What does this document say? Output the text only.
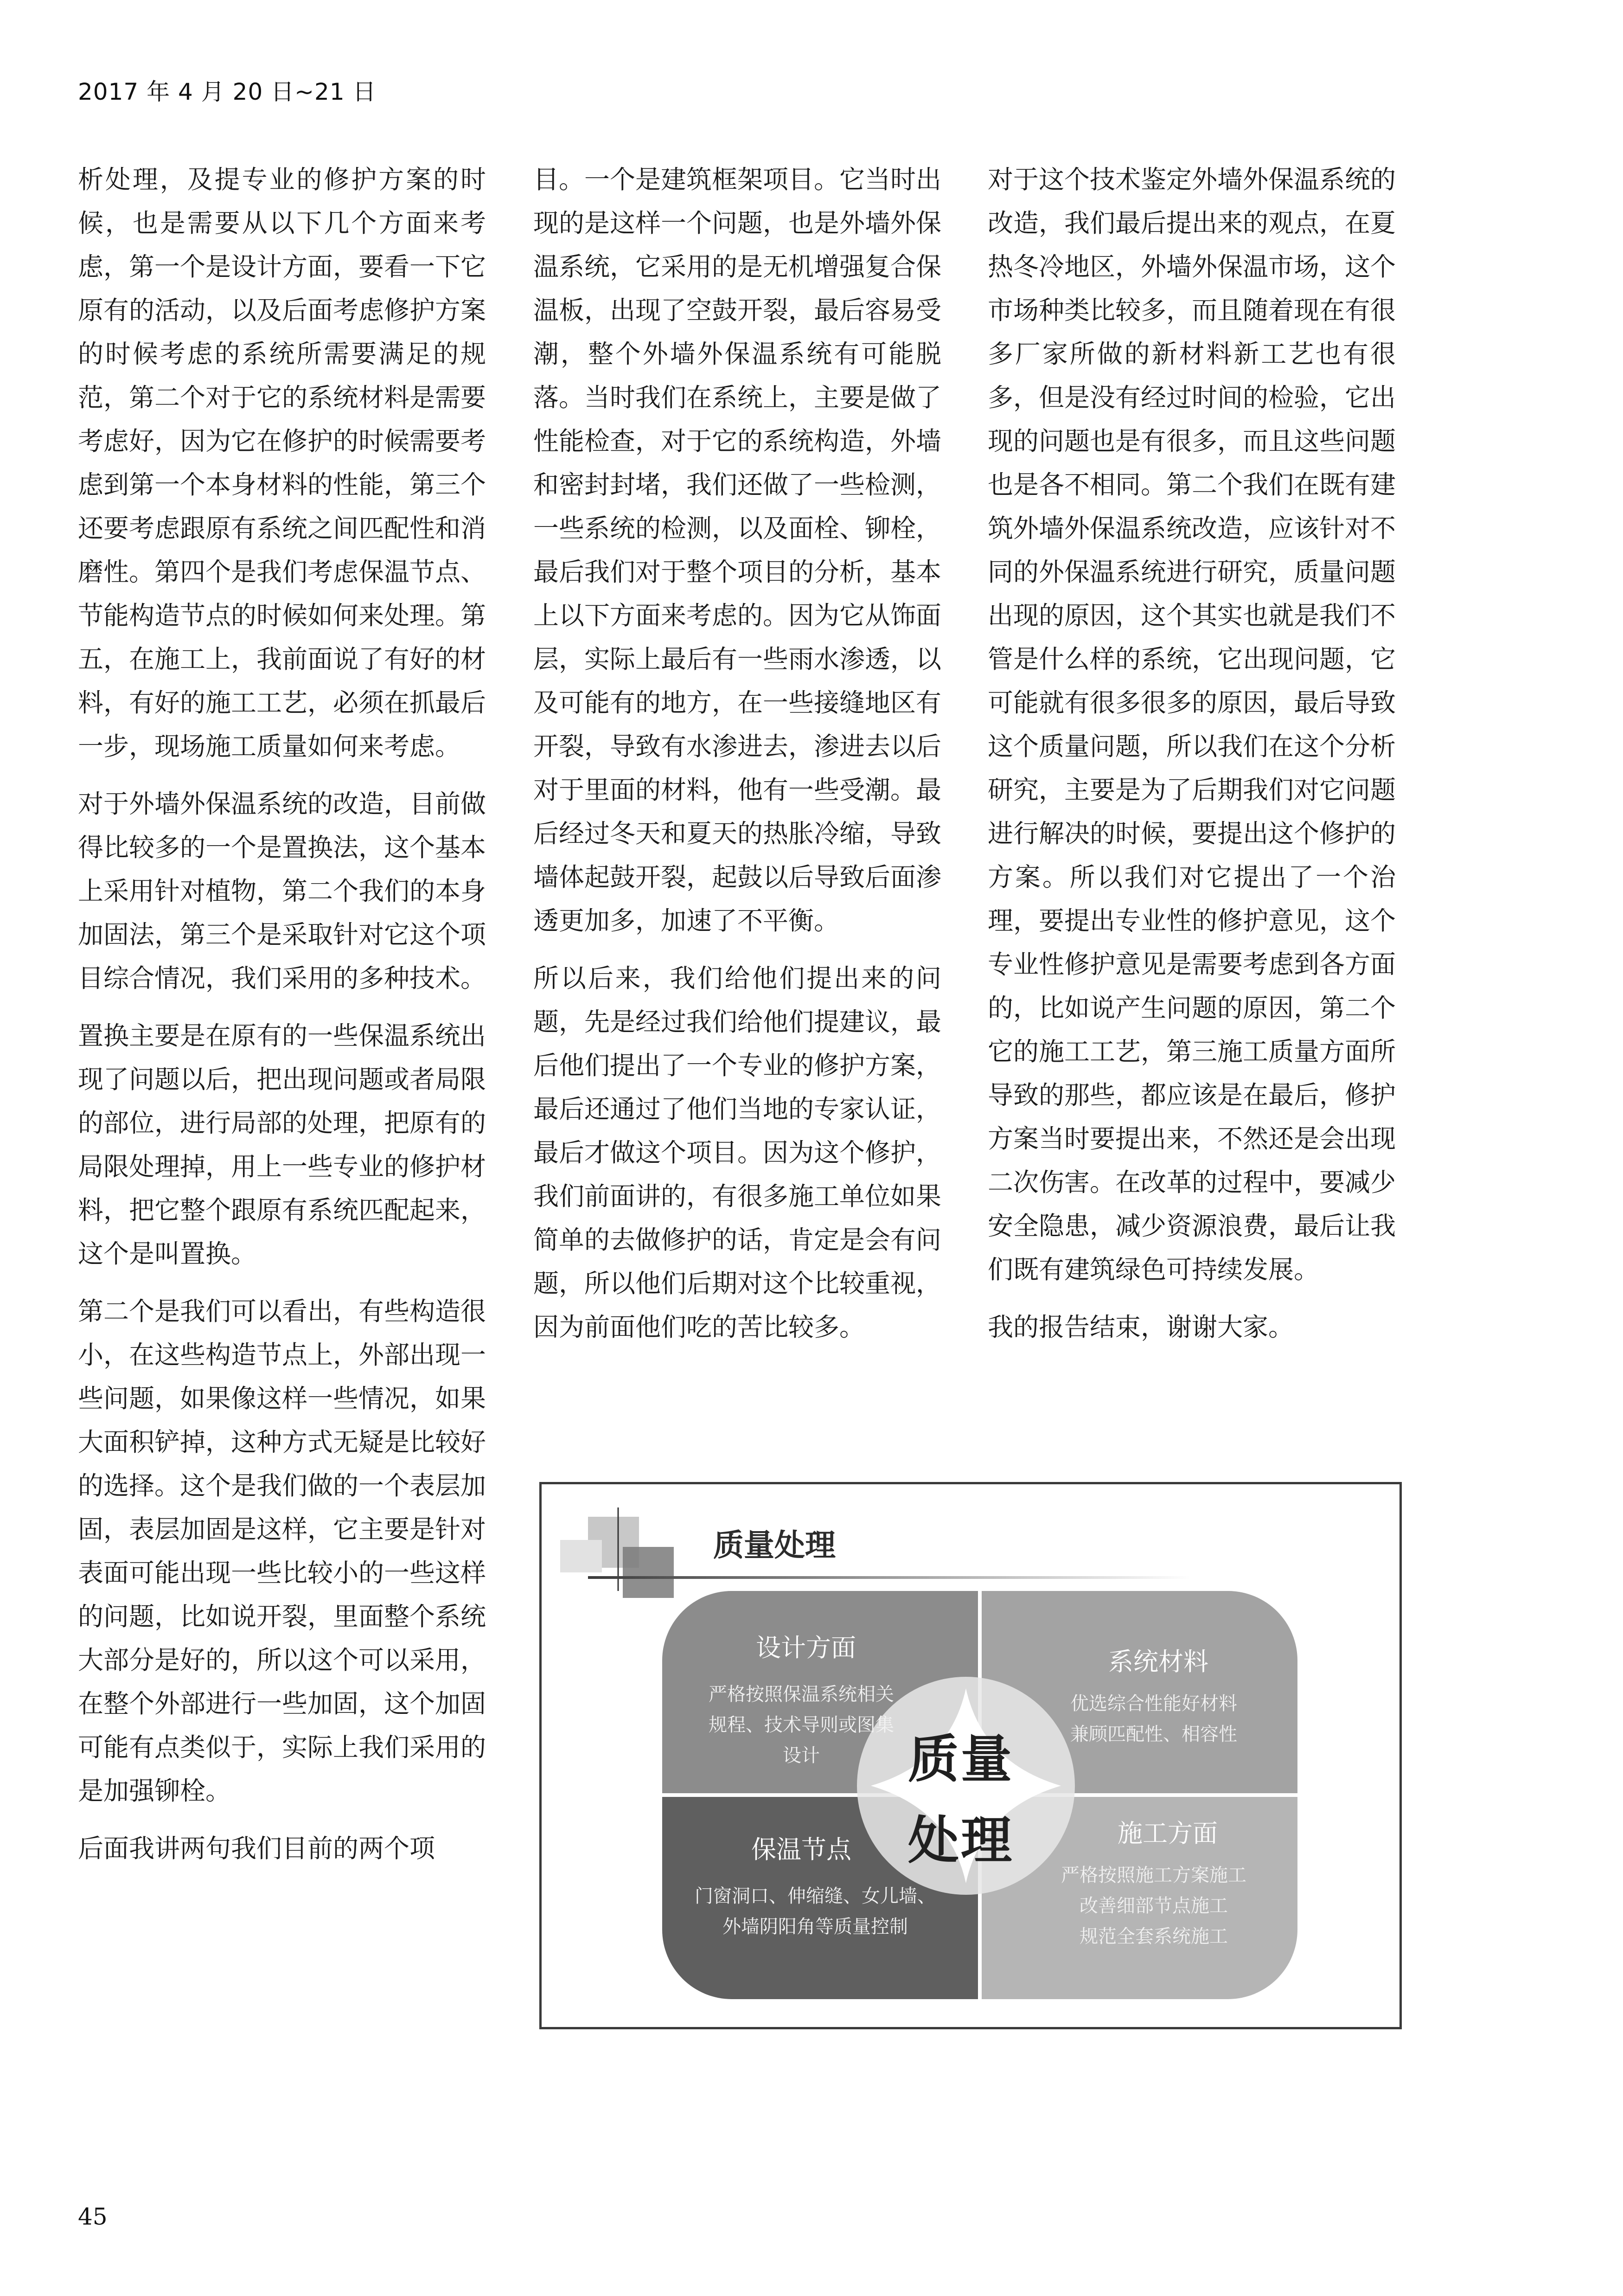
2017 年 4 月 20 日~21 日

析处理，及提专业的修护方案的时候，也是需要从以下几个方面来考虑，第一个是设计方面，要看一下它原有的活动，以及后面考虑修护方案的时候考虑的系统所需要满足的规范，第二个对于它的系统材料是需要考虑好，因为它在修护的时候需要考虑到第一个本身材料的性能，第三个还要考虑跟原有系统之间匹配性和消磨性。第四个是我们考虑保温节点、节能构造节点的时候如何来处理。第五，在施工上，我前面说了有好的材料，有好的施工工艺，必须在抓最后一步，现场施工质量如何来考虑。

对于外墙外保温系统的改造，目前做得比较多的一个是置换法，这个基本上采用针对植物，第二个我们的本身加固法，第三个是采取针对它这个项目综合情况，我们采用的多种技术。

置换主要是在原有的一些保温系统出现了问题以后，把出现问题或者局限的部位，进行局部的处理，把原有的局限处理掉，用上一些专业的修护材料，把它整个跟原有系统匹配起来，这个是叫置换。

第二个是我们可以看出，有些构造很小，在这些构造节点上，外部出现一些问题，如果像这样一些情况，如果大面积铲掉，这种方式无疑是比较好的选择。这个是我们做的一个表层加固，表层加固是这样，它主要是针对表面可能出现一些比较小的一些这样的问题，比如说开裂，里面整个系统大部分是好的，所以这个可以采用，在整个外部进行一些加固，这个加固可能有点类似于，实际上我们采用的是加强铆栓。

后面我讲两句我们目前的两个项

目。一个是建筑框架项目。它当时出现的是这样一个问题，也是外墙外保温系统，它采用的是无机增强复合保温板，出现了空鼓开裂，最后容易受潮，整个外墙外保温系统有可能脱落。当时我们在系统上，主要是做了性能检查，对于它的系统构造，外墙和密封封堵，我们还做了一些检测，一些系统的检测，以及面栓、铆栓，最后我们对于整个项目的分析，基本上以下方面来考虑的。因为它从饰面层，实际上最后有一些雨水渗透，以及可能有的地方，在一些接缝地区有开裂，导致有水渗进去，渗进去以后对于里面的材料，他有一些受潮。最后经过冬天和夏天的热胀冷缩，导致墙体起鼓开裂，起鼓以后导致后面渗透更加多，加速了不平衡。

所以后来，我们给他们提出来的问题，先是经过我们给他们提建议，最后他们提出了一个专业的修护方案，最后还通过了他们当地的专家认证，最后才做这个项目。因为这个修护，我们前面讲的，有很多施工单位如果简单的去做修护的话，肯定是会有问题，所以他们后期对这个比较重视，因为前面他们吃的苦比较多。

对于这个技术鉴定外墙外保温系统的改造，我们最后提出来的观点，在夏热冬冷地区，外墙外保温市场，这个市场种类比较多，而且随着现在有很多厂家所做的新材料新工艺也有很多，但是没有经过时间的检验，它出现的问题也是有很多，而且这些问题也是各不相同。第二个我们在既有建筑外墙外保温系统改造，应该针对不同的外保温系统进行研究，质量问题出现的原因，这个其实也就是我们不管是什么样的系统，它出现问题，它可能就有很多很多的原因，最后导致这个质量问题，所以我们在这个分析研究，主要是为了后期我们对它问题进行解决的时候，要提出这个修护的方案。所以我们对它提出了一个治理，要提出专业性的修护意见，这个专业性修护意见是需要考虑到各方面的，比如说产生问题的原因，第二个它的施工工艺，第三施工质量方面所导致的那些，都应该是在最后，修护方案当时要提出来，不然还是会出现二次伤害。在改革的过程中，要减少安全隐患，减少资源浪费，最后让我们既有建筑绿色可持续发展。

我的报告结束，谢谢大家。

质量处理
设计方面
严格按照保温系统相关
规程、技术导则或图集
设计
系统材料
优选综合性能好材料
兼顾匹配性、相容性
保温节点
门窗洞口、伸缩缝、女儿墙、
外墙阴阳角等质量控制
施工方面
严格按照施工方案施工
改善细部节点施工
规范全套系统施工
质量
处理
45
